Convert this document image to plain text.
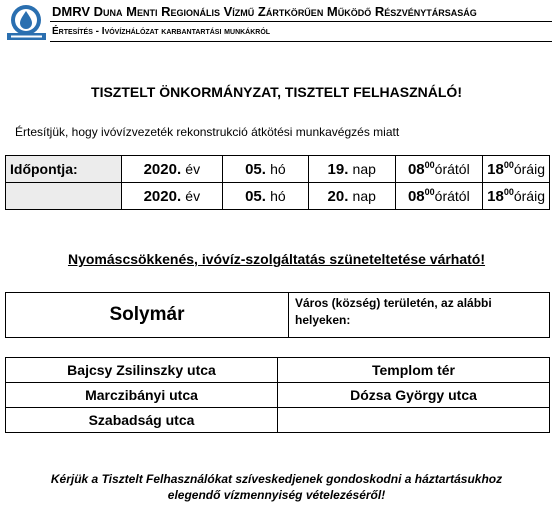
DMRV Duna Menti Regionális Vízmű Zártkörűen Működő Részvénytársaság
Értesítés - Ivóvízhálózat karbantartási munkákról
TISZTELT ÖNKORMÁNYZAT, TISZTELT FELHASZNÁLÓ!
Értesítjük, hogy ivóvízvezeték rekonstrukció átkötési munkavégzés miatt
Időpontja:	2020. év	05. hó	19. nap	$08^{00}órától$	$18^{00}óráig$
	2020. év	05. hó	20. nap	$08^{00}órától$	$18^{00}óráig$
Nyomáscsökkenés, ivóvíz-szolgáltatás szüneteltetése várható!
Solymár	Város (község) területén, az alábbi helyeken:
Bajcsy Zsilinszky utca	Templom tér
Marczibányi utca	Dózsa György utca
Szabadság utca	
Kérjük a Tisztelt Felhasználókat szíveskedjenek gondoskodni a háztartásukhoz
elegendő vízmennyiség vételezéséről!
